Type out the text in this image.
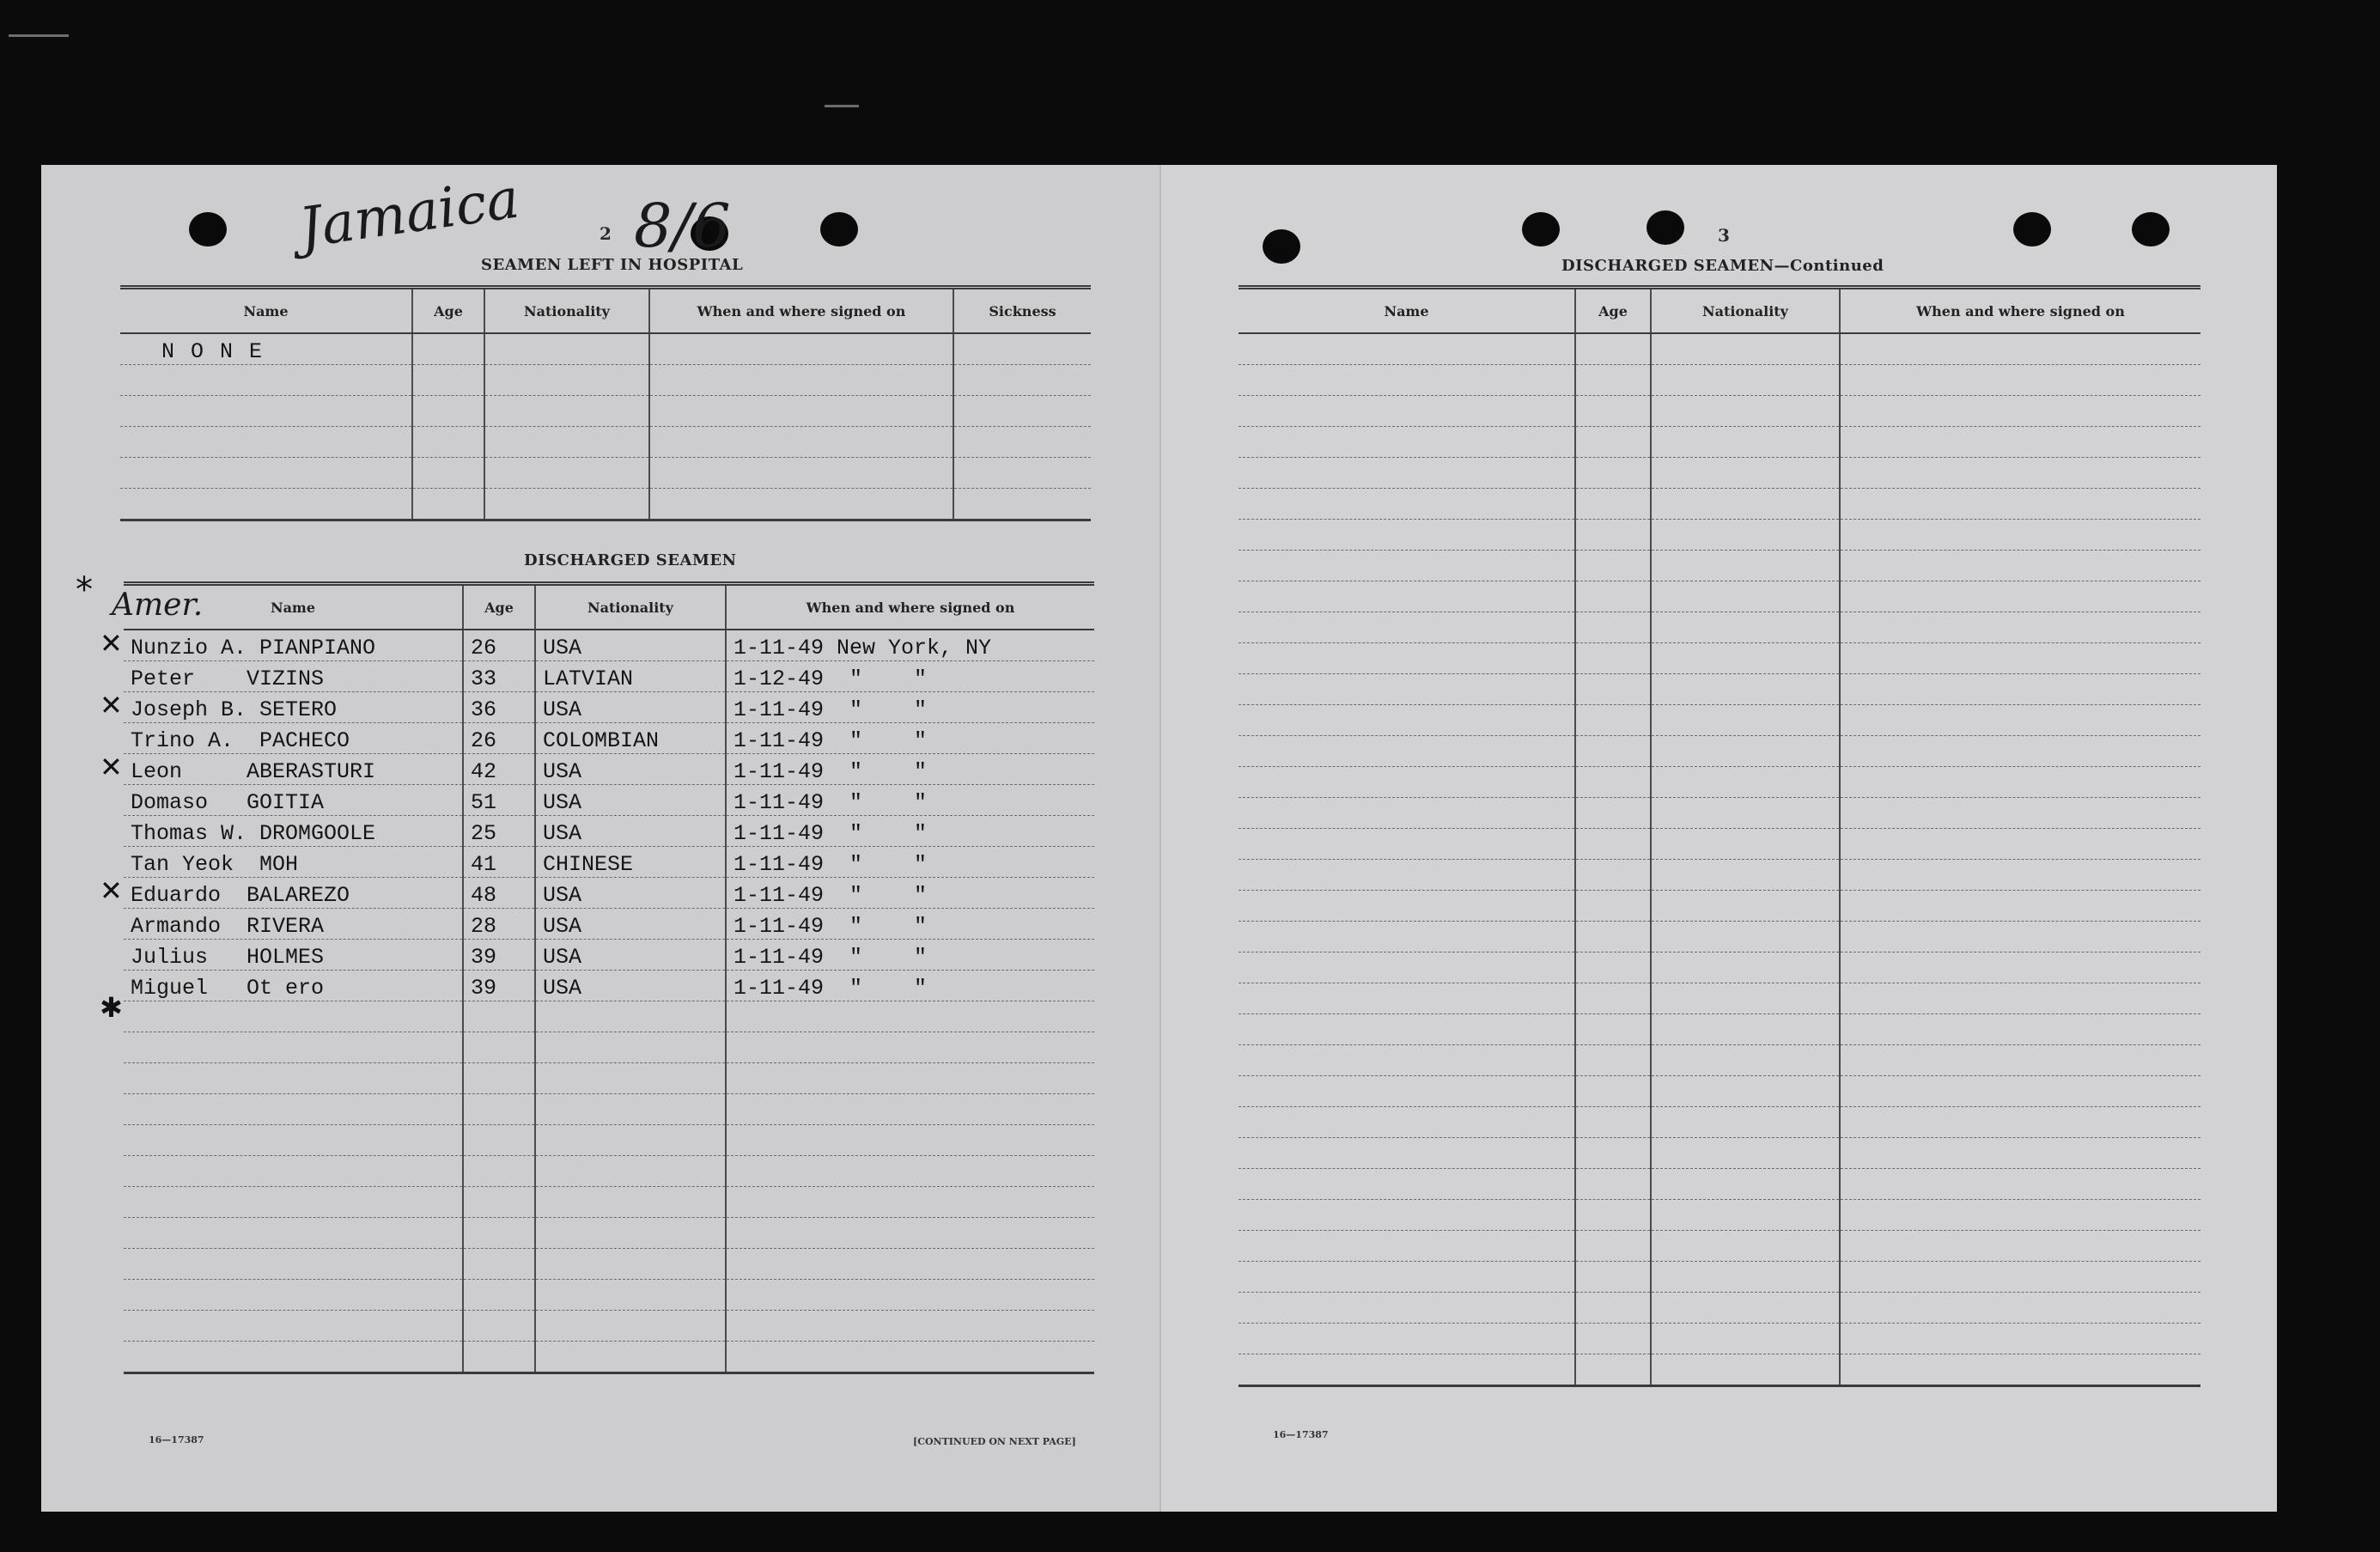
Jamaica 8/6
2
SEAMEN LEFT IN HOSPITAL
Name	Age	Nationality	When and where signed on	Sickness
N O N E				

DISCHARGED SEAMEN
* Amer.	Name	Age	Nationality	When and where signed on
Nunzio A. PIANPIANO	26	USA	1-11-49 New York, NY
Peter    VIZINS	33	LATVIAN	1-12-49  "    "
Joseph B. SETERO	36	USA	1-11-49  "    "
Trino A.  PACHECO	26	COLOMBIAN	1-11-49  "    "
Leon     ABERASTURI	42	USA	1-11-49  "    "
Domaso   GOITIA	51	USA	1-11-49  "    "
Thomas W. DROMGOOLE	25	USA	1-11-49  "    "
Tan Yeok  MOH	41	CHINESE	1-11-49  "    "
Eduardo  BALAREZO	48	USA	1-11-49  "    "
Armando  RIVERA	28	USA	1-11-49  "    "
Julius   HOLMES	39	USA	1-11-49  "    "
Miguel   Ot ero	39	USA	1-11-49  "    "

✕
✕
✕
✕
✱
16—17387	[CONTINUED ON NEXT PAGE]
3
DISCHARGED SEAMEN—Continued
Name	Age	Nationality	When and where signed on

16—17387
